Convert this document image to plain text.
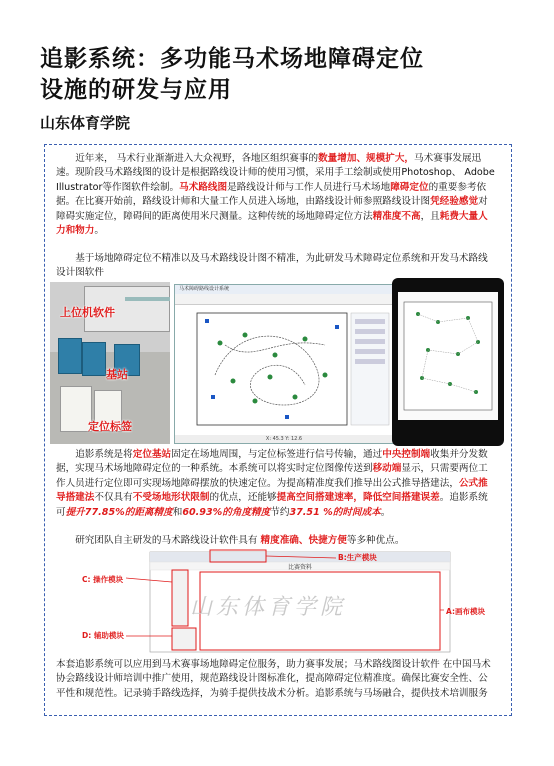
追影系统：多功能马术场地障碍定位
设施的研发与应用
山东体育学院
近年来， 马术行业渐渐进入大众视野，各地区组织赛事的数量增加、规模扩大，马术赛事发展迅速。现阶段马术路线图的设计是根据路线设计师的使用习惯，采用手工绘制或使用Photoshop、 Adobe Illustrator等作图软件绘制。马术路线图是路线设计师与工作人员进行马术场地障碍定位的重要参考依据。在比赛开始前，路线设计师和大量工作人员进入场地，由路线设计师参照路线设计图凭经验感觉对障碍实施定位，障碍间的距离使用米尺测量。这种传统的场地障碍定位方法精准度不高，且耗费大量人力和物力。
基于场地障碍定位不精准以及马术路线设计图不精准，为此研发马术障碍定位系统和开发马术路线设计图软件
上位机软件
基站
定位标签
马术障碍路线设计系统
X: 45.3 Y: 12.6
追影系统是将定位基站固定在场地周围，与定位标签进行信号传输，通过中央控制端收集并分发数据，实现马术场地障碍定位的一种系统。本系统可以将实时定位图像传送到移动端显示，只需要两位工作人员进行定位即可实现场地障碍摆放的快速定位。为提高精准度我们推导出公式推导搭建法，公式推导搭建法不仅具有不受场地形状限制的优点，还能够提高空间搭建速率，降低空间搭建误差。追影系统可提升77.85%的距离精度和60.93%的角度精度节约37.51 %的时间成本。
研究团队自主研发的马术路线设计软件具有 精度准确、快捷方便等多种优点。
B:生产模块
C: 操作模块
D: 辅助模块
A:画布模块
比赛资料
山东体育学院
本套追影系统可以应用到马术赛事场地障碍定位服务，助力赛事发展；马术路线图设计软件 在中国马术协会路线设计师培训中推广使用，规范路线设计图标准化，提高障碍定位精准度。确保比赛安全性、公平性和规范性。记录骑手路线选择，为骑手提供技战术分析。追影系统与马场融合，提供技术培训服务
